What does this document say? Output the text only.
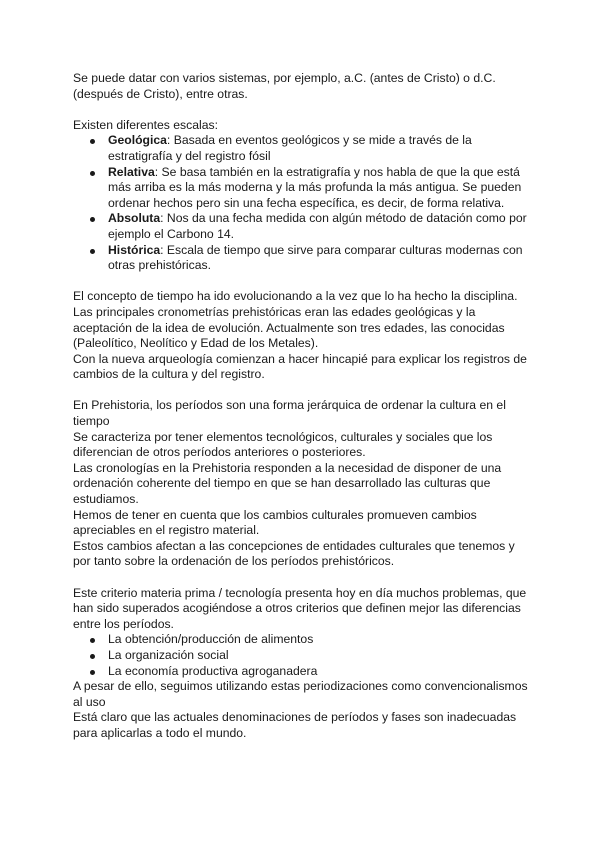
Se puede datar con varios sistemas, por ejemplo, a.C. (antes de Cristo) o d.C. (después de Cristo), entre otras.

Existen diferentes escalas:

Geológica: Basada en eventos geológicos y se mide a través de la estratigrafía y del registro fósil
Relativa: Se basa también en la estratigrafía y nos habla de que la que está más arriba es la más moderna y la más profunda la más antigua. Se pueden ordenar hechos pero sin una fecha específica, es decir, de forma relativa.
Absoluta: Nos da una fecha medida con algún método de datación como por ejemplo el Carbono 14.
Histórica: Escala de tiempo que sirve para comparar culturas modernas con otras prehistóricas.

El concepto de tiempo ha ido evolucionando a la vez que lo ha hecho la disciplina. Las principales cronometrías prehistóricas eran las edades geológicas y la aceptación de la idea de evolución. Actualmente son tres edades, las conocidas (Paleolítico, Neolítico y Edad de los Metales).

Con la nueva arqueología comienzan a hacer hincapié para explicar los registros de cambios de la cultura y del registro.

En Prehistoria, los períodos son una forma jerárquica de ordenar la cultura en el tiempo

Se caracteriza por tener elementos tecnológicos, culturales y sociales que los diferencian de otros períodos anteriores o posteriores.

Las cronologías en la Prehistoria responden a la necesidad de disponer de una ordenación coherente del tiempo en que se han desarrollado las culturas que estudiamos.

Hemos de tener en cuenta que los cambios culturales promueven cambios apreciables en el registro material.

Estos cambios afectan a las concepciones de entidades culturales que tenemos y por tanto sobre la ordenación de los períodos prehistóricos.

Este criterio materia prima / tecnología presenta hoy en día muchos problemas, que han sido superados acogiéndose a otros criterios que definen mejor las diferencias entre los períodos.

La obtención/producción de alimentos
La organización social
La economía productiva agroganadera

A pesar de ello, seguimos utilizando estas periodizaciones como convencionalismos al uso

Está claro que las actuales denominaciones de períodos y fases son inadecuadas para aplicarlas a todo el mundo.
